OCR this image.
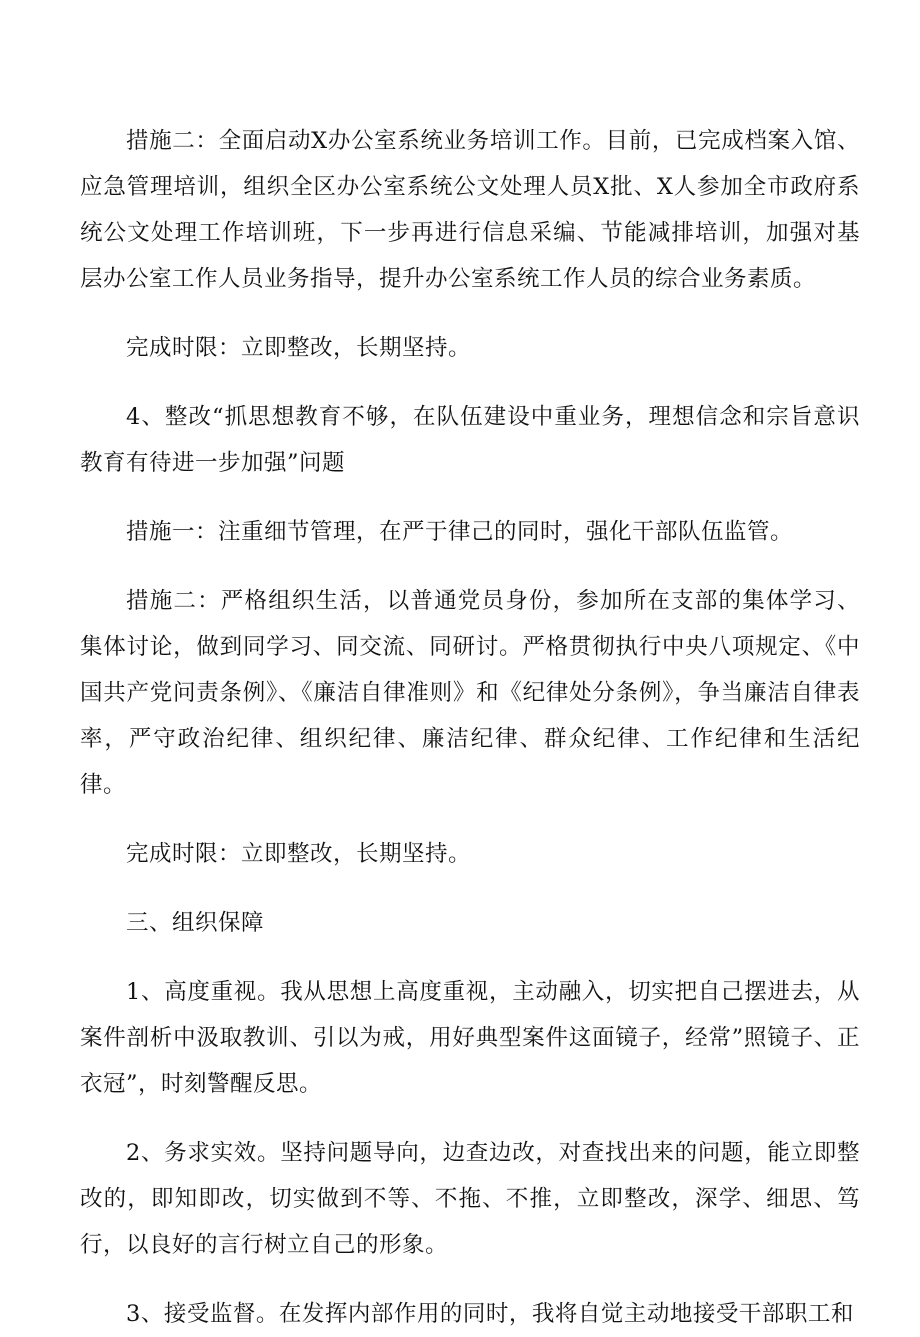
措施二：全面启动X办公室系统业务培训工作。目前，已完成档案入馆、应急管理培训，组织全区办公室系统公文处理人员X批、X人参加全市政府系统公文处理工作培训班，下一步再进行信息采编、节能减排培训，加强对基层办公室工作人员业务指导，提升办公室系统工作人员的综合业务素质。

完成时限：立即整改，长期坚持。

4、整改“抓思想教育不够，在队伍建设中重业务，理想信念和宗旨意识教育有待进一步加强”问题

措施一：注重细节管理，在严于律己的同时，强化干部队伍监管。

措施二：严格组织生活，以普通党员身份，参加所在支部的集体学习、集体讨论，做到同学习、同交流、同研讨。严格贯彻执行中央八项规定、《中国共产党问责条例》、《廉洁自律准则》和《纪律处分条例》，争当廉洁自律表率，严守政治纪律、组织纪律、廉洁纪律、群众纪律、工作纪律和生活纪律。

完成时限：立即整改，长期坚持。

三、组织保障

1、高度重视。我从思想上高度重视，主动融入，切实把自己摆进去，从案件剖析中汲取教训、引以为戒，用好典型案件这面镜子，经常”照镜子、正衣冠”，时刻警醒反思。

2、务求实效。坚持问题导向，边查边改，对查找出来的问题，能立即整改的，即知即改，切实做到不等、不拖、不推，立即整改，深学、细思、笃行，以良好的言行树立自己的形象。

3、接受监督。在发挥内部作用的同时，我将自觉主动地接受干部职工和
